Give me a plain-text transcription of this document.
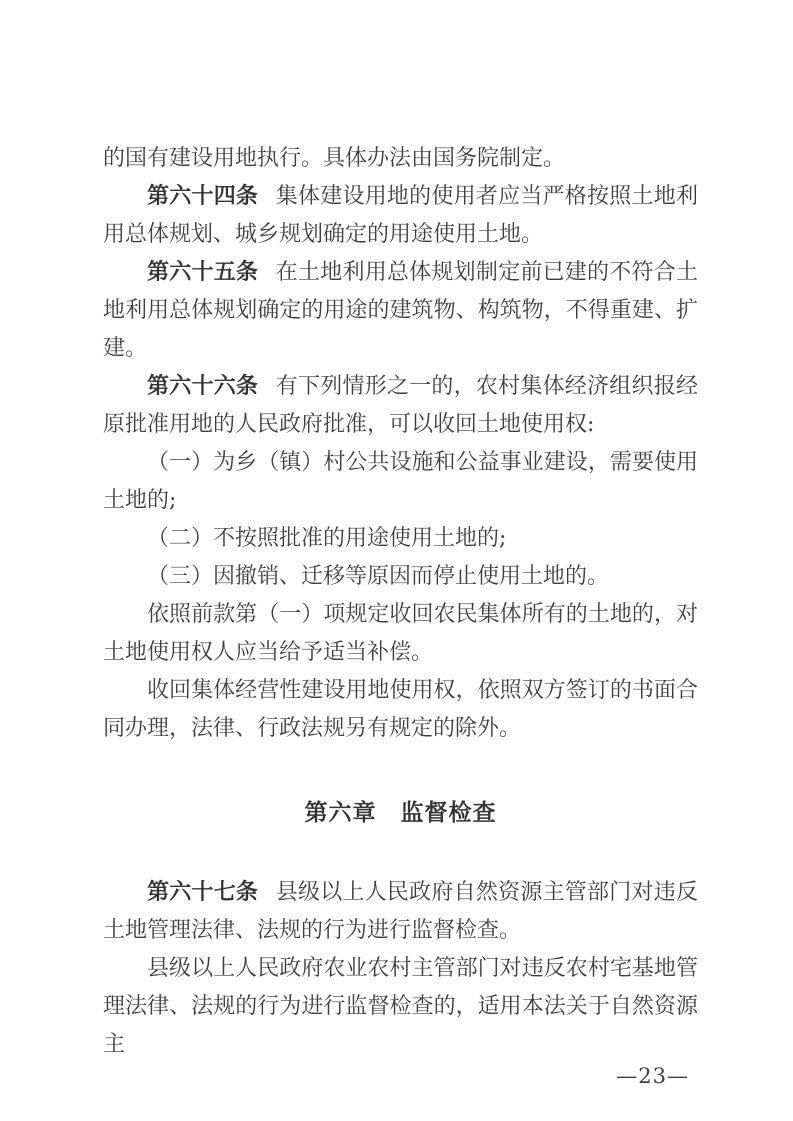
的国有建设用地执行。具体办法由国务院制定。

第六十四条 集体建设用地的使用者应当严格按照土地利用总体规划、城乡规划确定的用途使用土地。

第六十五条 在土地利用总体规划制定前已建的不符合土地利用总体规划确定的用途的建筑物、构筑物，不得重建、扩建。

第六十六条 有下列情形之一的，农村集体经济组织报经原批准用地的人民政府批准，可以收回土地使用权:

（一）为乡（镇）村公共设施和公益事业建设，需要使用土地的;

（二）不按照批准的用途使用土地的;

（三）因撤销、迁移等原因而停止使用土地的。

依照前款第（一）项规定收回农民集体所有的土地的，对土地使用权人应当给予适当补偿。

收回集体经营性建设用地使用权，依照双方签订的书面合同办理，法律、行政法规另有规定的除外。

第六章　监督检查

第六十七条 县级以上人民政府自然资源主管部门对违反土地管理法律、法规的行为进行监督检查。

县级以上人民政府农业农村主管部门对违反农村宅基地管理法律、法规的行为进行监督检查的，适用本法关于自然资源主

—23—
